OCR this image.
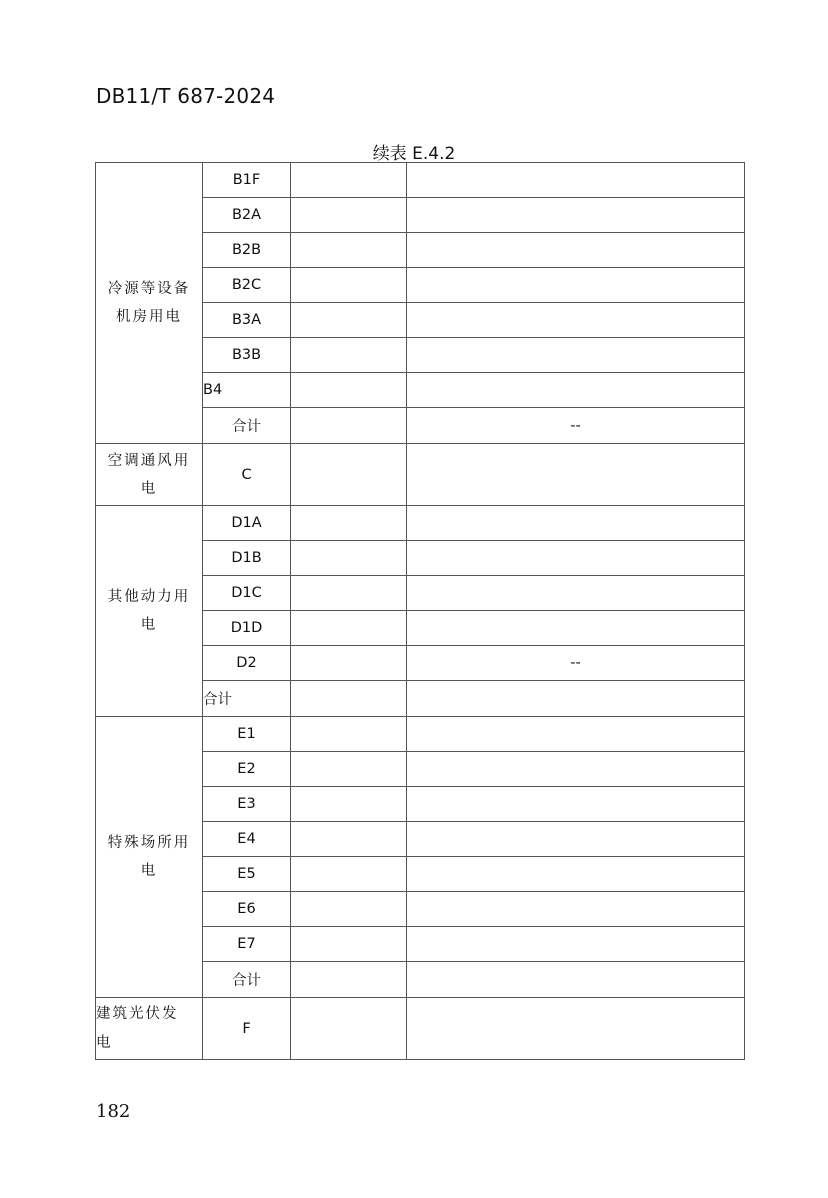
DB11/T 687-2024
续表 E.4.2
冷源等设备
机房用电	B1F		
	B2A		
	B2B		
	B2C		
	B3A		
	B3B		
	B4		
	合计		--
空调通风用
电	C		
其他动力用
电	D1A		
	D1B		
	D1C		
	D1D		
	D2		--
	合计		
特殊场所用
电	E1		
	E2		
	E3		
	E4		
	E5		
	E6		
	E7		
	合计		
建筑光伏发
电	F		
182
